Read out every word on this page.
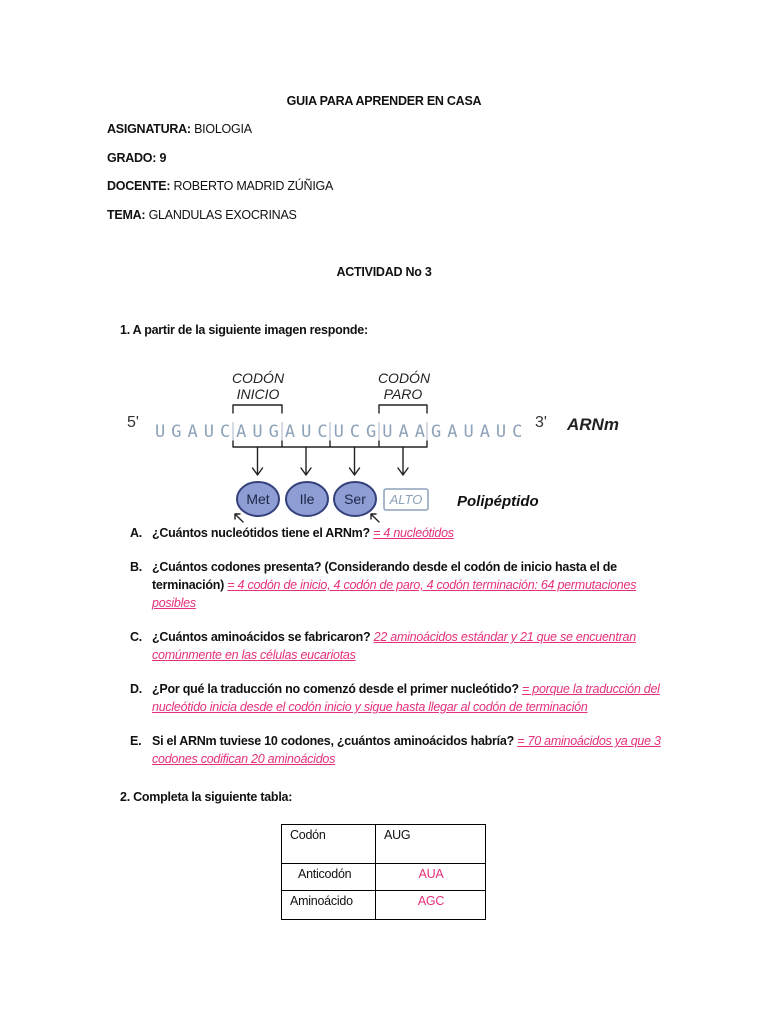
GUIA PARA APRENDER EN CASA
ASIGNATURA: BIOLOGIA
GRADO: 9
DOCENTE: ROBERTO MADRID ZÚÑIGA
TEMA: GLANDULAS EXOCRINAS
ACTIVIDAD No 3
1. A partir de la siguiente imagen responde:
CODÓN
INICIO
CODÓN
PARO
5'	3'
UGAUCAUGAUCUCGUAAGAUAUC ARNm
Met Ile Ser ALTO Polipéptido
A. ¿Cuántos nucleótidos tiene el ARNm? = 4 nucleótidos

B. ¿Cuántos codones presenta? (Considerando desde el codón de inicio hasta el de terminación) = 4 codón de inicio, 4 codón de paro, 4 codón terminación: 64 permutaciones posibles

C. ¿Cuántos aminoácidos se fabricaron? 22 aminoácidos estándar y 21 que se encuentran comúnmente en las células eucariotas

D. ¿Por qué la traducción no comenzó desde el primer nucleótido? = porque la traducción del nucleótido inicia desde el codón inicio y sigue hasta llegar al codón de terminación

E. Si el ARNm tuviese 10 codones, ¿cuántos aminoácidos habría? = 70 aminoácidos ya que 3 codones codifican 20 aminoácidos

2. Completa la siguiente tabla:
Codón	AUG
Anticodón	AUA
Aminoácido	AGC
